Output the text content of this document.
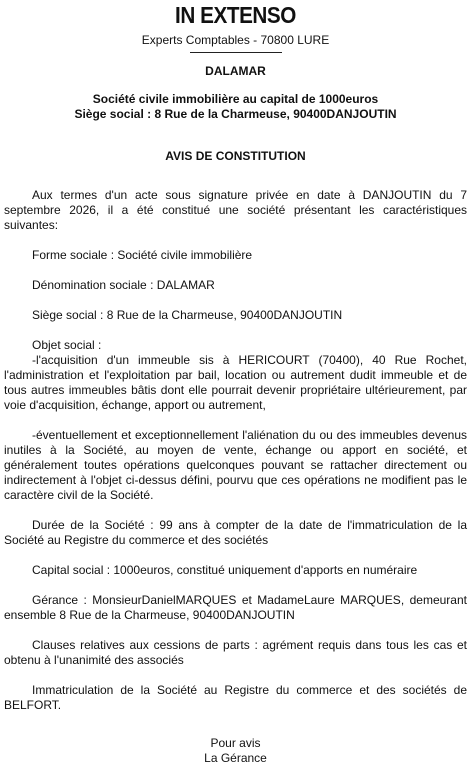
IN EXTENSO
Experts Comptables - 70800 LURE
DALAMAR
Société civile immobilière au capital de 1000euros
Siège social : 8 Rue de la Charmeuse, 90400DANJOUTIN
AVIS DE CONSTITUTION

Aux termes d'un acte sous signature privée en date à DANJOUTIN du 7 septembre 2026, il a été constitué une société présentant les caractéristiques suivantes:

Forme sociale : Société civile immobilière

Dénomination sociale : DALAMAR

Siège social : 8 Rue de la Charmeuse, 90400DANJOUTIN

Objet social :
-l'acquisition d'un immeuble sis à HERICOURT (70400), 40 Rue Rochet, l'administration et l'exploitation par bail, location ou autrement dudit immeuble et de tous autres immeubles bâtis dont elle pourrait devenir propriétaire ultérieurement, par voie d'acquisition, échange, apport ou autrement,

-éventuellement et exceptionnellement l'aliénation du ou des immeubles devenus inutiles à la Société, au moyen de vente, échange ou apport en société, et généralement toutes opérations quelconques pouvant se rattacher directement ou indirectement à l'objet ci-dessus défini, pourvu que ces opérations ne modifient pas le caractère civil de la Société.

Durée de la Société : 99 ans à compter de la date de l'immatriculation de la Société au Registre du commerce et des sociétés

Capital social : 1000euros, constitué uniquement d'apports en numéraire

Gérance : MonsieurDanielMARQUES et MadameLaure MARQUES, demeurant ensemble 8 Rue de la Charmeuse, 90400DANJOUTIN

Clauses relatives aux cessions de parts : agrément requis dans tous les cas et obtenu à l'unanimité des associés

Immatriculation de la Société au Registre du commerce et des sociétés de BELFORT.

Pour avis
La Gérance
